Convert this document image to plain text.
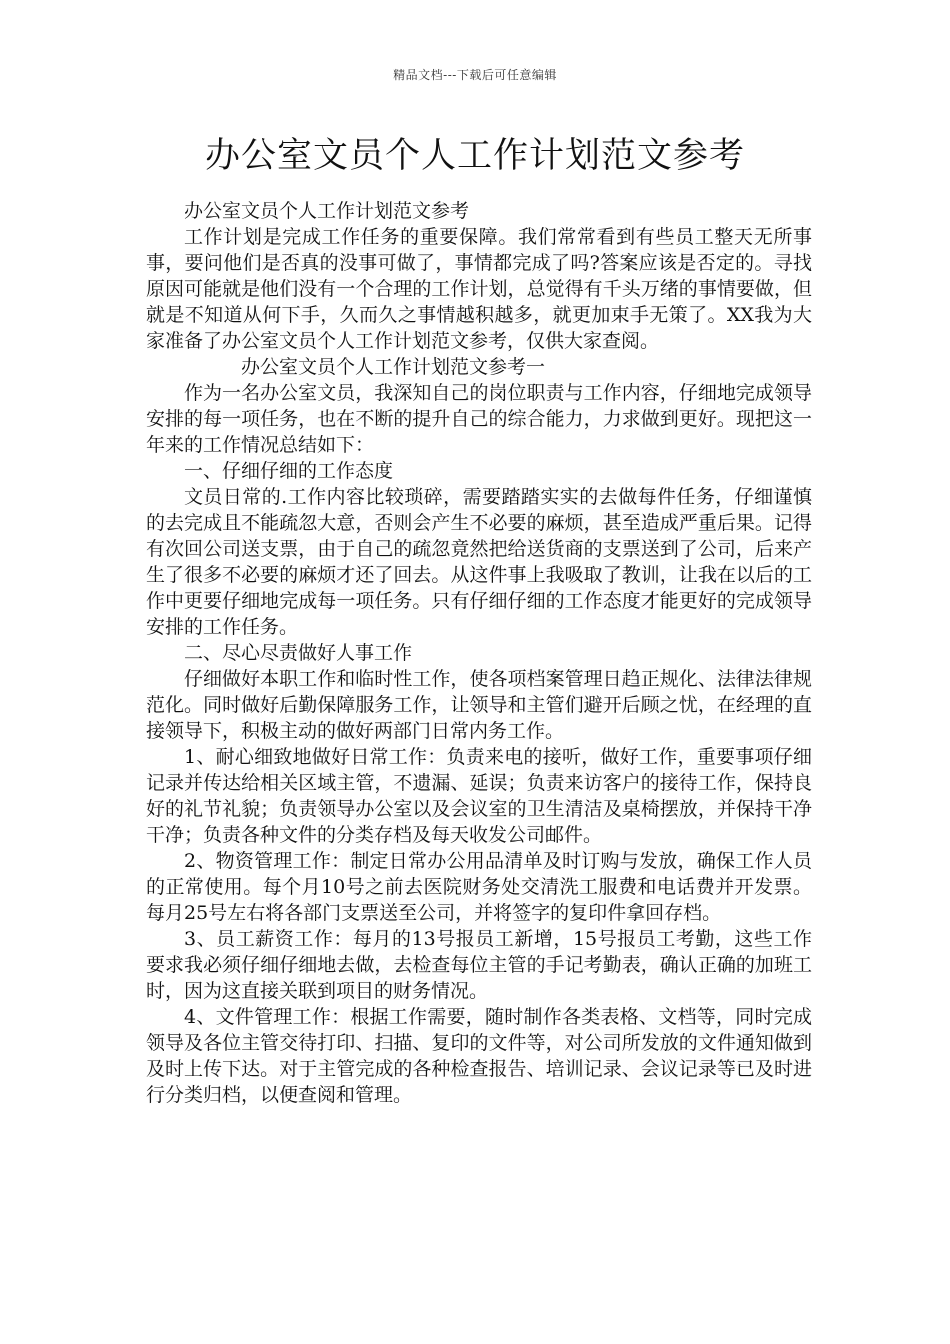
精品文档---下载后可任意编辑
办公室文员个人工作计划范文参考

办公室文员个人工作计划范文参考

工作计划是完成工作任务的重要保障。我们常常看到有些员工整天无所事事，要问他们是否真的没事可做了，事情都完成了吗?答案应该是否定的。寻找原因可能就是他们没有一个合理的工作计划，总觉得有千头万绪的事情要做，但就是不知道从何下手，久而久之事情越积越多，就更加束手无策了。XX我为大家准备了办公室文员个人工作计划范文参考，仅供大家查阅。

办公室文员个人工作计划范文参考一

作为一名办公室文员，我深知自己的岗位职责与工作内容，仔细地完成领导安排的每一项任务，也在不断的提升自己的综合能力，力求做到更好。现把这一年来的工作情况总结如下：

一、仔细仔细的工作态度

文员日常的.工作内容比较琐碎，需要踏踏实实的去做每件任务，仔细谨慎的去完成且不能疏忽大意，否则会产生不必要的麻烦，甚至造成严重后果。记得有次回公司送支票，由于自己的疏忽竟然把给送货商的支票送到了公司，后来产生了很多不必要的麻烦才还了回去。从这件事上我吸取了教训，让我在以后的工作中更要仔细地完成每一项任务。只有仔细仔细的工作态度才能更好的完成领导安排的工作任务。

二、尽心尽责做好人事工作

仔细做好本职工作和临时性工作，使各项档案管理日趋正规化、法律法律规范化。同时做好后勤保障服务工作，让领导和主管们避开后顾之忧，在经理的直接领导下，积极主动的做好两部门日常内务工作。

1、耐心细致地做好日常工作：负责来电的接听，做好工作，重要事项仔细记录并传达给相关区域主管，不遗漏、延误；负责来访客户的接待工作，保持良好的礼节礼貌；负责领导办公室以及会议室的卫生清洁及桌椅摆放，并保持干净干净；负责各种文件的分类存档及每天收发公司邮件。

2、物资管理工作：制定日常办公用品清单及时订购与发放，确保工作人员的正常使用。每个月10号之前去医院财务处交清洗工服费和电话费并开发票。每月25号左右将各部门支票送至公司，并将签字的复印件拿回存档。

3、员工薪资工作：每月的13号报员工新增，15号报员工考勤，这些工作要求我必须仔细仔细地去做，去检查每位主管的手记考勤表，确认正确的加班工时，因为这直接关联到项目的财务情况。

4、文件管理工作：根据工作需要，随时制作各类表格、文档等，同时完成领导及各位主管交待打印、扫描、复印的文件等，对公司所发放的文件通知做到及时上传下达。对于主管完成的各种检查报告、培训记录、会议记录等已及时进行分类归档，以便查阅和管理。
